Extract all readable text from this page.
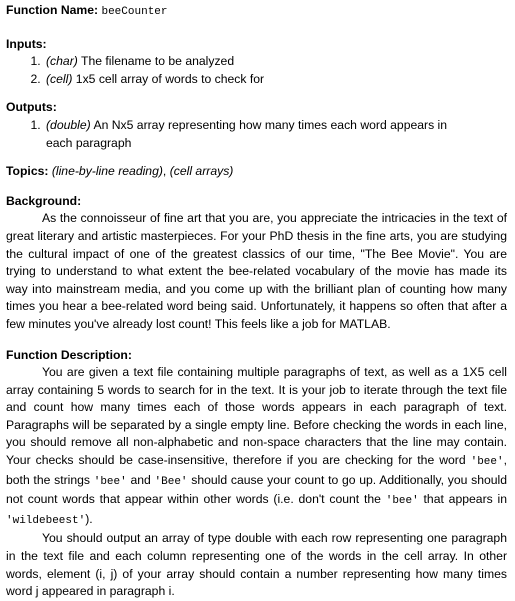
Function Name: beeCounter
Inputs:
1. (char) The filename to be analyzed
2. (cell) 1x5 cell array of words to check for
Outputs:
1. (double) An Nx5 array representing how many times each word appears in each paragraph
Topics: (line-by-line reading), (cell arrays)
Background:
As the connoisseur of fine art that you are, you appreciate the intricacies in the text of great literary and artistic masterpieces. For your PhD thesis in the fine arts, you are studying the cultural impact of one of the greatest classics of our time, "The Bee Movie". You are trying to understand to what extent the bee-related vocabulary of the movie has made its way into mainstream media, and you come up with the brilliant plan of counting how many times you hear a bee-related word being said. Unfortunately, it happens so often that after a few minutes you've already lost count! This feels like a job for MATLAB.
Function Description:
You are given a text file containing multiple paragraphs of text, as well as a 1X5 cell array containing 5 words to search for in the text. It is your job to iterate through the text file and count how many times each of those words appears in each paragraph of text. Paragraphs will be separated by a single empty line. Before checking the words in each line, you should remove all non-alphabetic and non-space characters that the line may contain. Your checks should be case-insensitive, therefore if you are checking for the word 'bee', both the strings 'bee' and 'Bee' should cause your count to go up. Additionally, you should not count words that appear within other words (i.e. don't count the 'bee' that appears in 'wildebeest').
You should output an array of type double with each row representing one paragraph in the text file and each column representing one of the words in the cell array. In other words, element (i, j) of your array should contain a number representing how many times word j appeared in paragraph i.
